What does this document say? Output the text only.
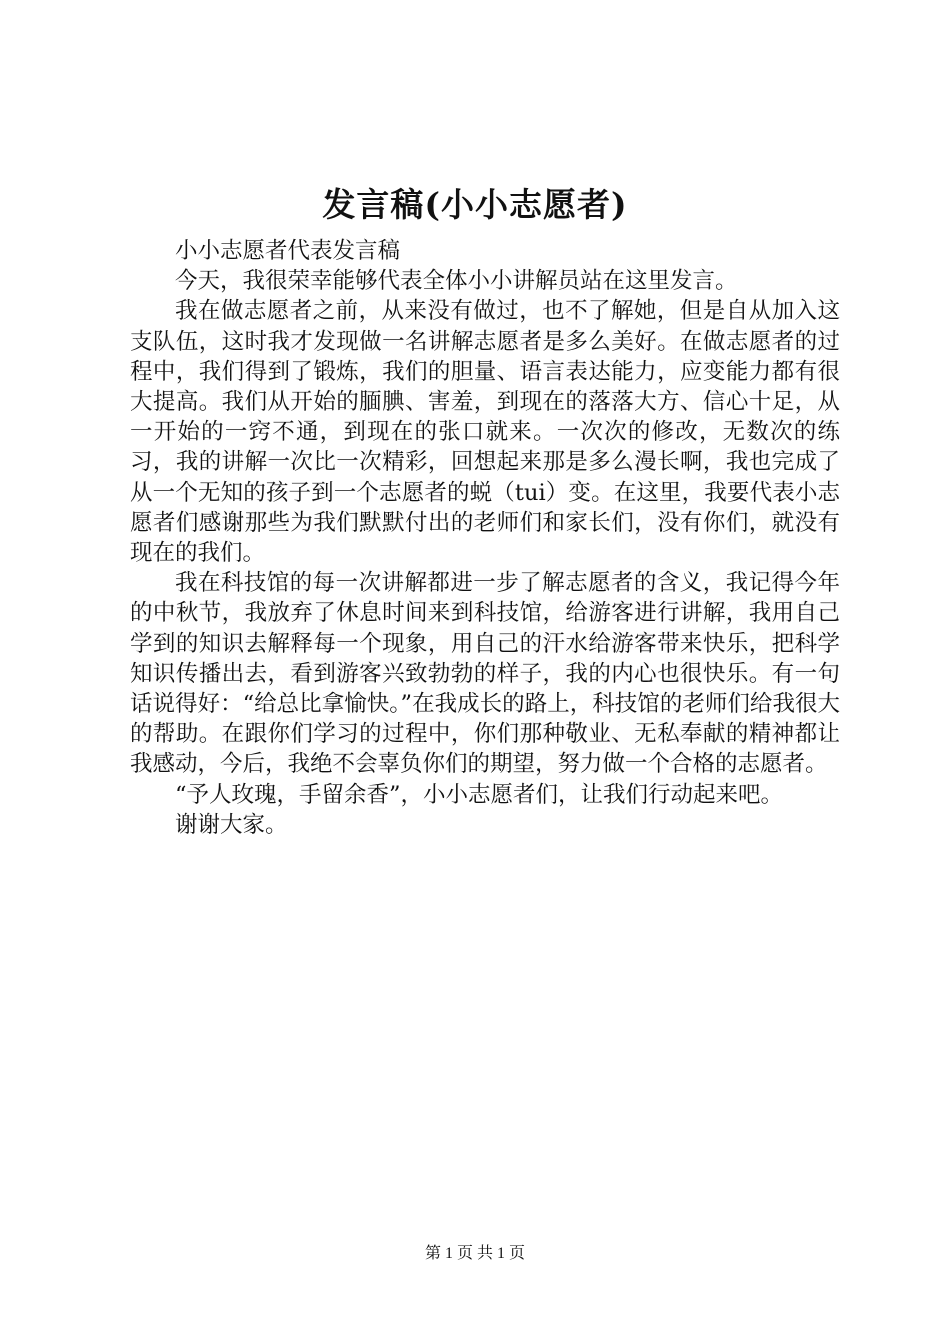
发言稿(小小志愿者)

小小志愿者代表发言稿

今天，我很荣幸能够代表全体小小讲解员站在这里发言。

我在做志愿者之前，从来没有做过，也不了解她，但是自从加入这支队伍，这时我才发现做一名讲解志愿者是多么美好。在做志愿者的过程中，我们得到了锻炼，我们的胆量、语言表达能力，应变能力都有很大提高。我们从开始的腼腆、害羞，到现在的落落大方、信心十足，从一开始的一窍不通，到现在的张口就来。一次次的修改，无数次的练习，我的讲解一次比一次精彩，回想起来那是多么漫长啊，我也完成了从一个无知的孩子到一个志愿者的蜕（tui）变。在这里，我要代表小志愿者们感谢那些为我们默默付出的老师们和家长们，没有你们，就没有现在的我们。

我在科技馆的每一次讲解都进一步了解志愿者的含义，我记得今年的中秋节，我放弃了休息时间来到科技馆，给游客进行讲解，我用自己学到的知识去解释每一个现象，用自己的汗水给游客带来快乐，把科学知识传播出去，看到游客兴致勃勃的样子，我的内心也很快乐。有一句话说得好：“给总比拿愉快。”在我成长的路上，科技馆的老师们给我很大的帮助。在跟你们学习的过程中，你们那种敬业、无私奉献的精神都让我感动，今后，我绝不会辜负你们的期望，努力做一个合格的志愿者。

“予人玫瑰，手留余香”，小小志愿者们，让我们行动起来吧。

谢谢大家。

第 1 页 共 1 页
